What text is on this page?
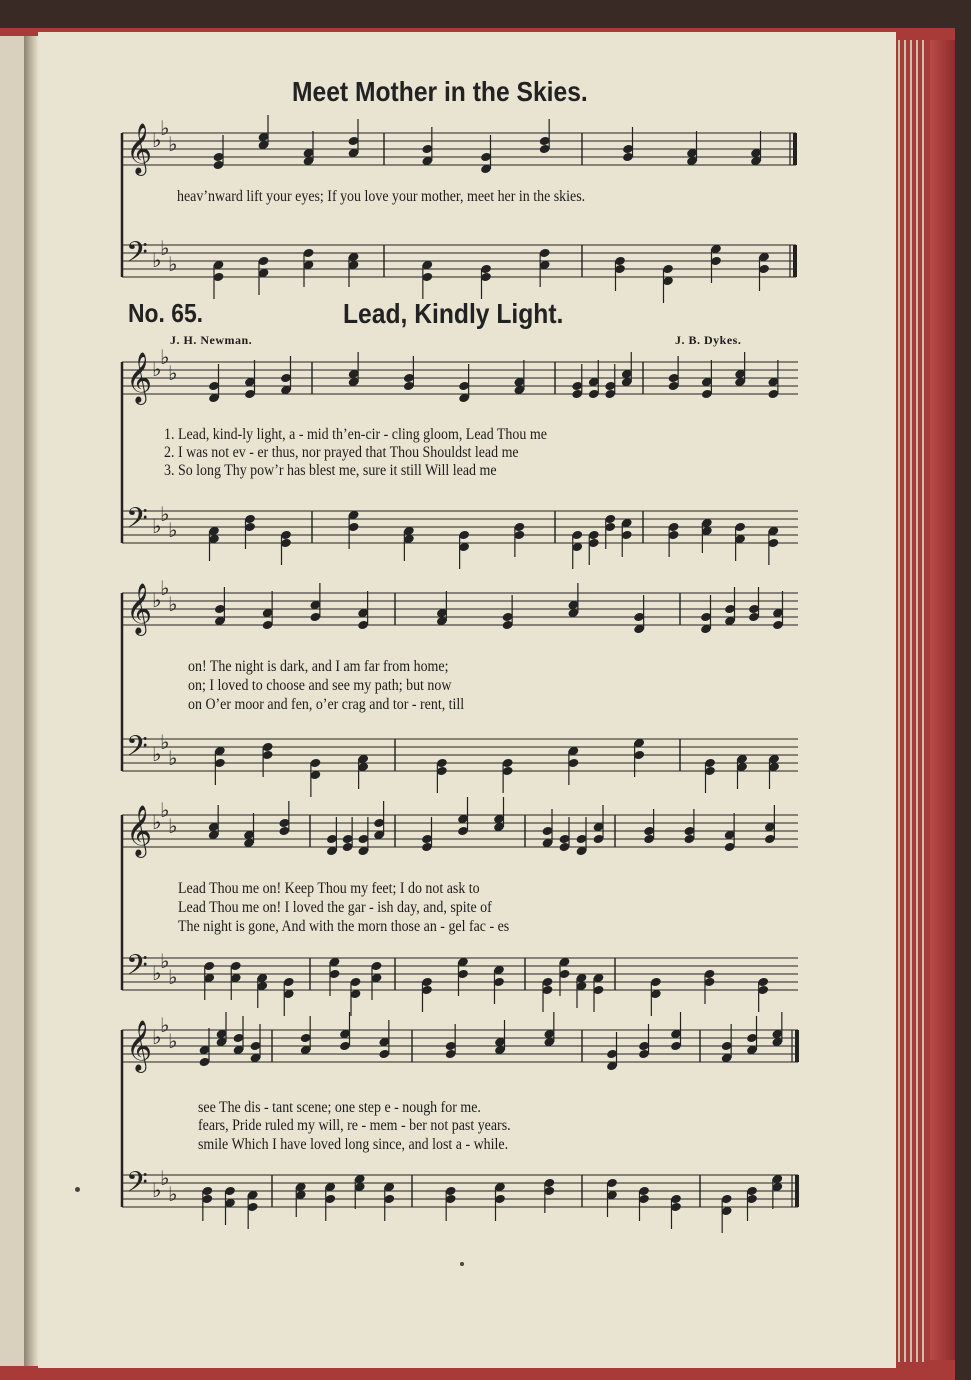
𝄞 ♭
♭
♭
𝄢 ♭
♭
♭
𝄞 ♭
♭
♭
𝄢 ♭
♭
♭
𝄞 ♭
♭
♭
𝄢 ♭
♭
♭
𝄞 ♭
♭
♭
𝄢 ♭
♭
♭
𝄞 ♭
♭
♭
𝄢 ♭
♭
♭
Meet Mother in the Skies.
heav’nward lift your eyes; If you love your mother, meet her in the skies.
No. 65.	Lead, Kindly Light.
J. H. Newman.	J. B. Dykes.
1. Lead, kind-ly light, a - mid th’en-cir - cling gloom, Lead Thou me
2. I was not ev - er thus, nor prayed that Thou Shouldst lead me
3. So long Thy pow’r has blest me, sure it still Will lead me
on! The night is dark, and I am far from home;
on; I loved to choose and see my path; but now
on O’er moor and fen, o’er crag and tor - rent, till
Lead Thou me on! Keep Thou my feet; I do not ask to
Lead Thou me on! I loved the gar - ish day, and, spite of
The night is gone, And with the morn those an - gel fac - es
see The dis - tant scene; one step e - nough for me.
fears, Pride ruled my will, re - mem - ber not past years.
smile Which I have loved long since, and lost a - while.
